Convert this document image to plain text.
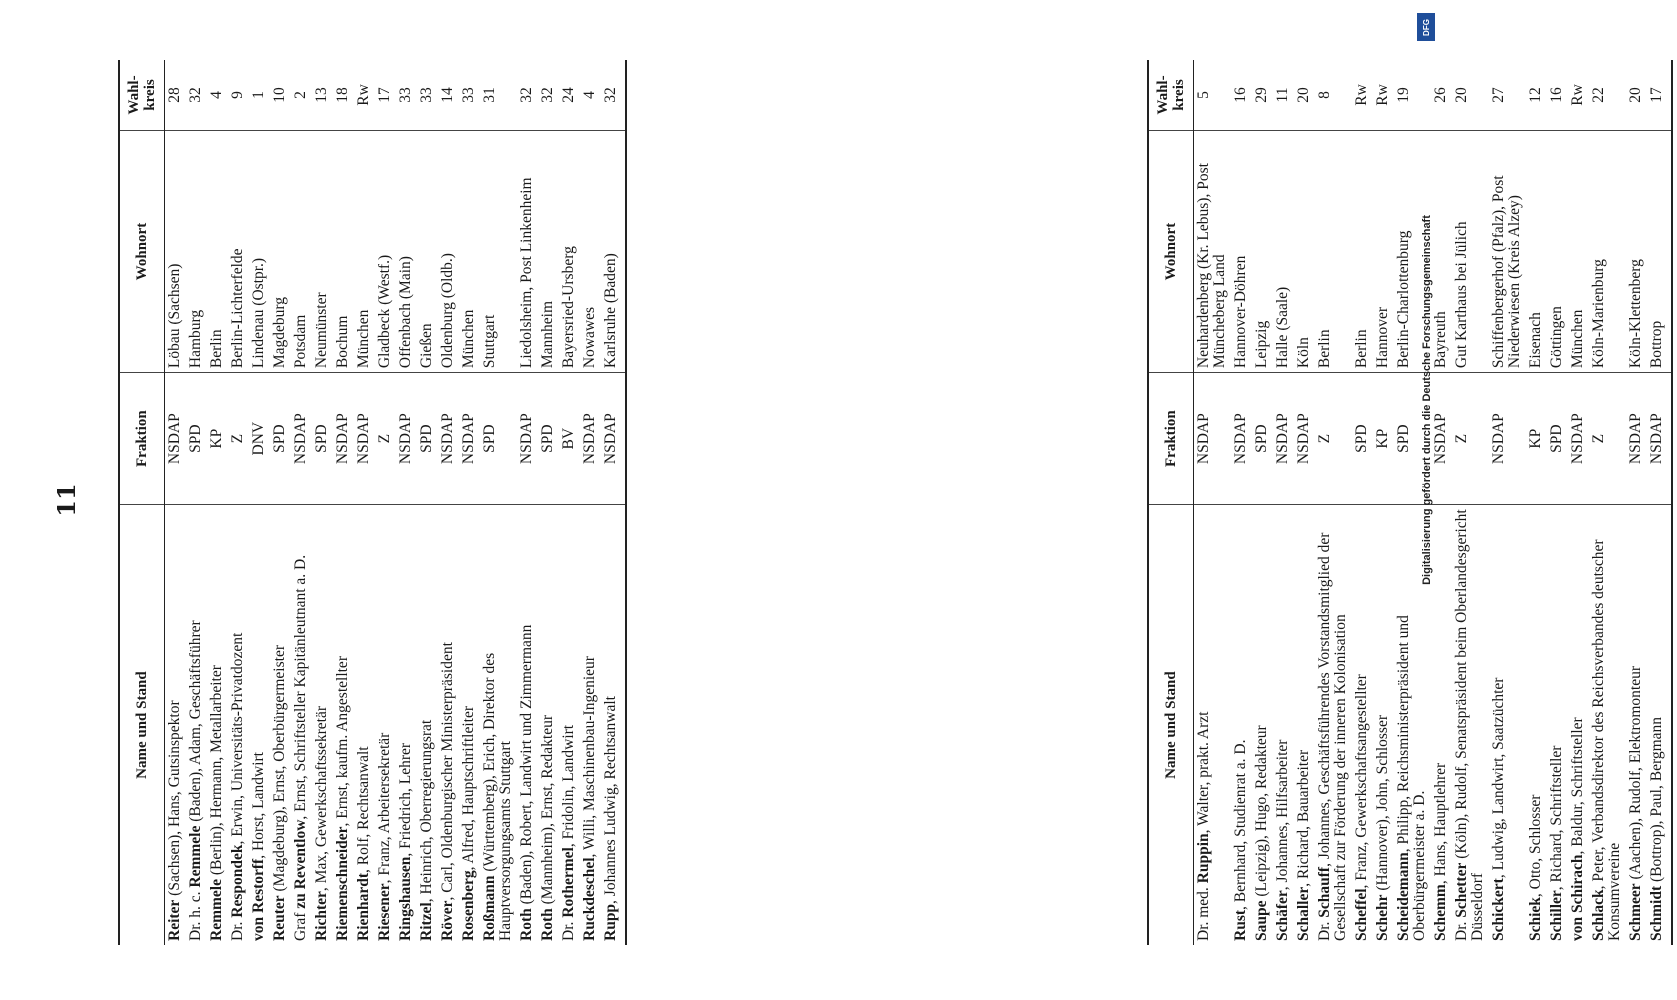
11
Name und Stand	Fraktion	Wohnort	Wahl-kreis
Reiter (Sachsen), Hans, Gutsinspektor	NSDAP	Löbau (Sachsen)	28
Dr. h. c. Remmele (Baden), Adam, Geschäftsführer	SPD	Hamburg	32
Remmele (Berlin), Hermann, Metallarbeiter	KP	Berlin	4
Dr. Respondek, Erwin, Universitäts-Privatdozent	Z	Berlin-Lichterfelde	9
von Restorff, Horst, Landwirt	DNV	Lindenau (Ostpr.)	1
Reuter (Magdeburg), Ernst, Oberbürgermeister	SPD	Magdeburg	10
Graf zu Reventlow, Ernst, Schriftsteller Kapitänleutnant a. D.	NSDAP	Potsdam	2
Richter, Max, Gewerkschaftssekretär	SPD	Neumünster	13
Riemenschneider, Ernst, kaufm. Angestellter	NSDAP	Bochum	18
Rienhardt, Rolf, Rechtsanwalt	NSDAP	München	Rw
Riesener, Franz, Arbeitersekretär	Z	Gladbeck (Westf.)	17
Ringshausen, Friedrich, Lehrer	NSDAP	Offenbach (Main)	33
Ritzel, Heinrich, Oberregierungsrat	SPD	Gießen	33
Röver, Carl, Oldenburgischer Ministerpräsident	NSDAP	Oldenburg (Oldb.)	14
Rosenberg, Alfred, Hauptschriftleiter	NSDAP	München	33
Roßmann (Württemberg), Erich, Direktor des Hauptversorgungsamts Stuttgart	SPD	Stuttgart	31
Roth (Baden), Robert, Landwirt und Zimmermann	NSDAP	Liedolsheim, Post Linkenheim	32
Roth (Mannheim), Ernst, Redakteur	SPD	Mannheim	32
Dr. Rothermel, Fridolin, Landwirt	BV	Bayersried-Ursberg	24
Ruckdeschel, Willi, Maschinenbau-Ingenieur	NSDAP	Nowawes	4
Rupp, Johannes Ludwig, Rechtsanwalt	NSDAP	Karlsruhe (Baden)	32

Name und Stand	Fraktion	Wohnort	Wahl-kreis
Dr. med. Ruppin, Walter, prakt. Arzt	NSDAP	Neuhardenberg (Kr. Lebus), Post Müncheberg Land	5
Rust, Bernhard, Studienrat a. D.	NSDAP	Hannover-Döhren	16
Saupe (Leipzig), Hugo, Redakteur	SPD	Leipzig	29
Schäfer, Johannes, Hilfsarbeiter	NSDAP	Halle (Saale)	11
Schaller, Richard, Bauarbeiter	NSDAP	Köln	20
Dr. Schauff, Johannes, Geschäftsführendes Vorstandsmitglied der Gesellschaft zur Förderung der inneren Kolonisation	Z	Berlin	8
Scheffel, Franz, Gewerkschaftsangestellter	SPD	Berlin	Rw
Schehr (Hannover), John, Schlosser	KP	Hannover	Rw
Scheidemann, Philipp, Reichsministerpräsident und Oberbürgermeister a. D.	SPD	Berlin-Charlottenburg	19
Schemm, Hans, Hauptlehrer	NSDAP	Bayreuth	26
Dr. Schetter (Köln), Rudolf, Senatspräsident beim Oberlandesgericht Düsseldorf	Z	Gut Karthaus bei Jülich	20
Schickert, Ludwig, Landwirt, Saatzüchter	NSDAP	Schiffenbergerhof (Pfalz), Post Niederwiesen (Kreis Alzey)	27
Schiek, Otto, Schlosser	KP	Eisenach	12
Schiller, Richard, Schriftsteller	SPD	Göttingen	16
von Schirach, Baldur, Schriftsteller	NSDAP	München	Rw
Schlack, Peter, Verbandsdirektor des Reichsverbandes deutscher Konsumvereine	Z	Köln-Marienburg	22
Schmeer (Aachen), Rudolf, Elektromonteur	NSDAP	Köln-Klettenberg	20
Schmidt (Bottrop), Paul, Bergmann	NSDAP	Bottrop	17

DFG
Digitalisierung gefördert durch die Deutsche Forschungsgemeinschaft
